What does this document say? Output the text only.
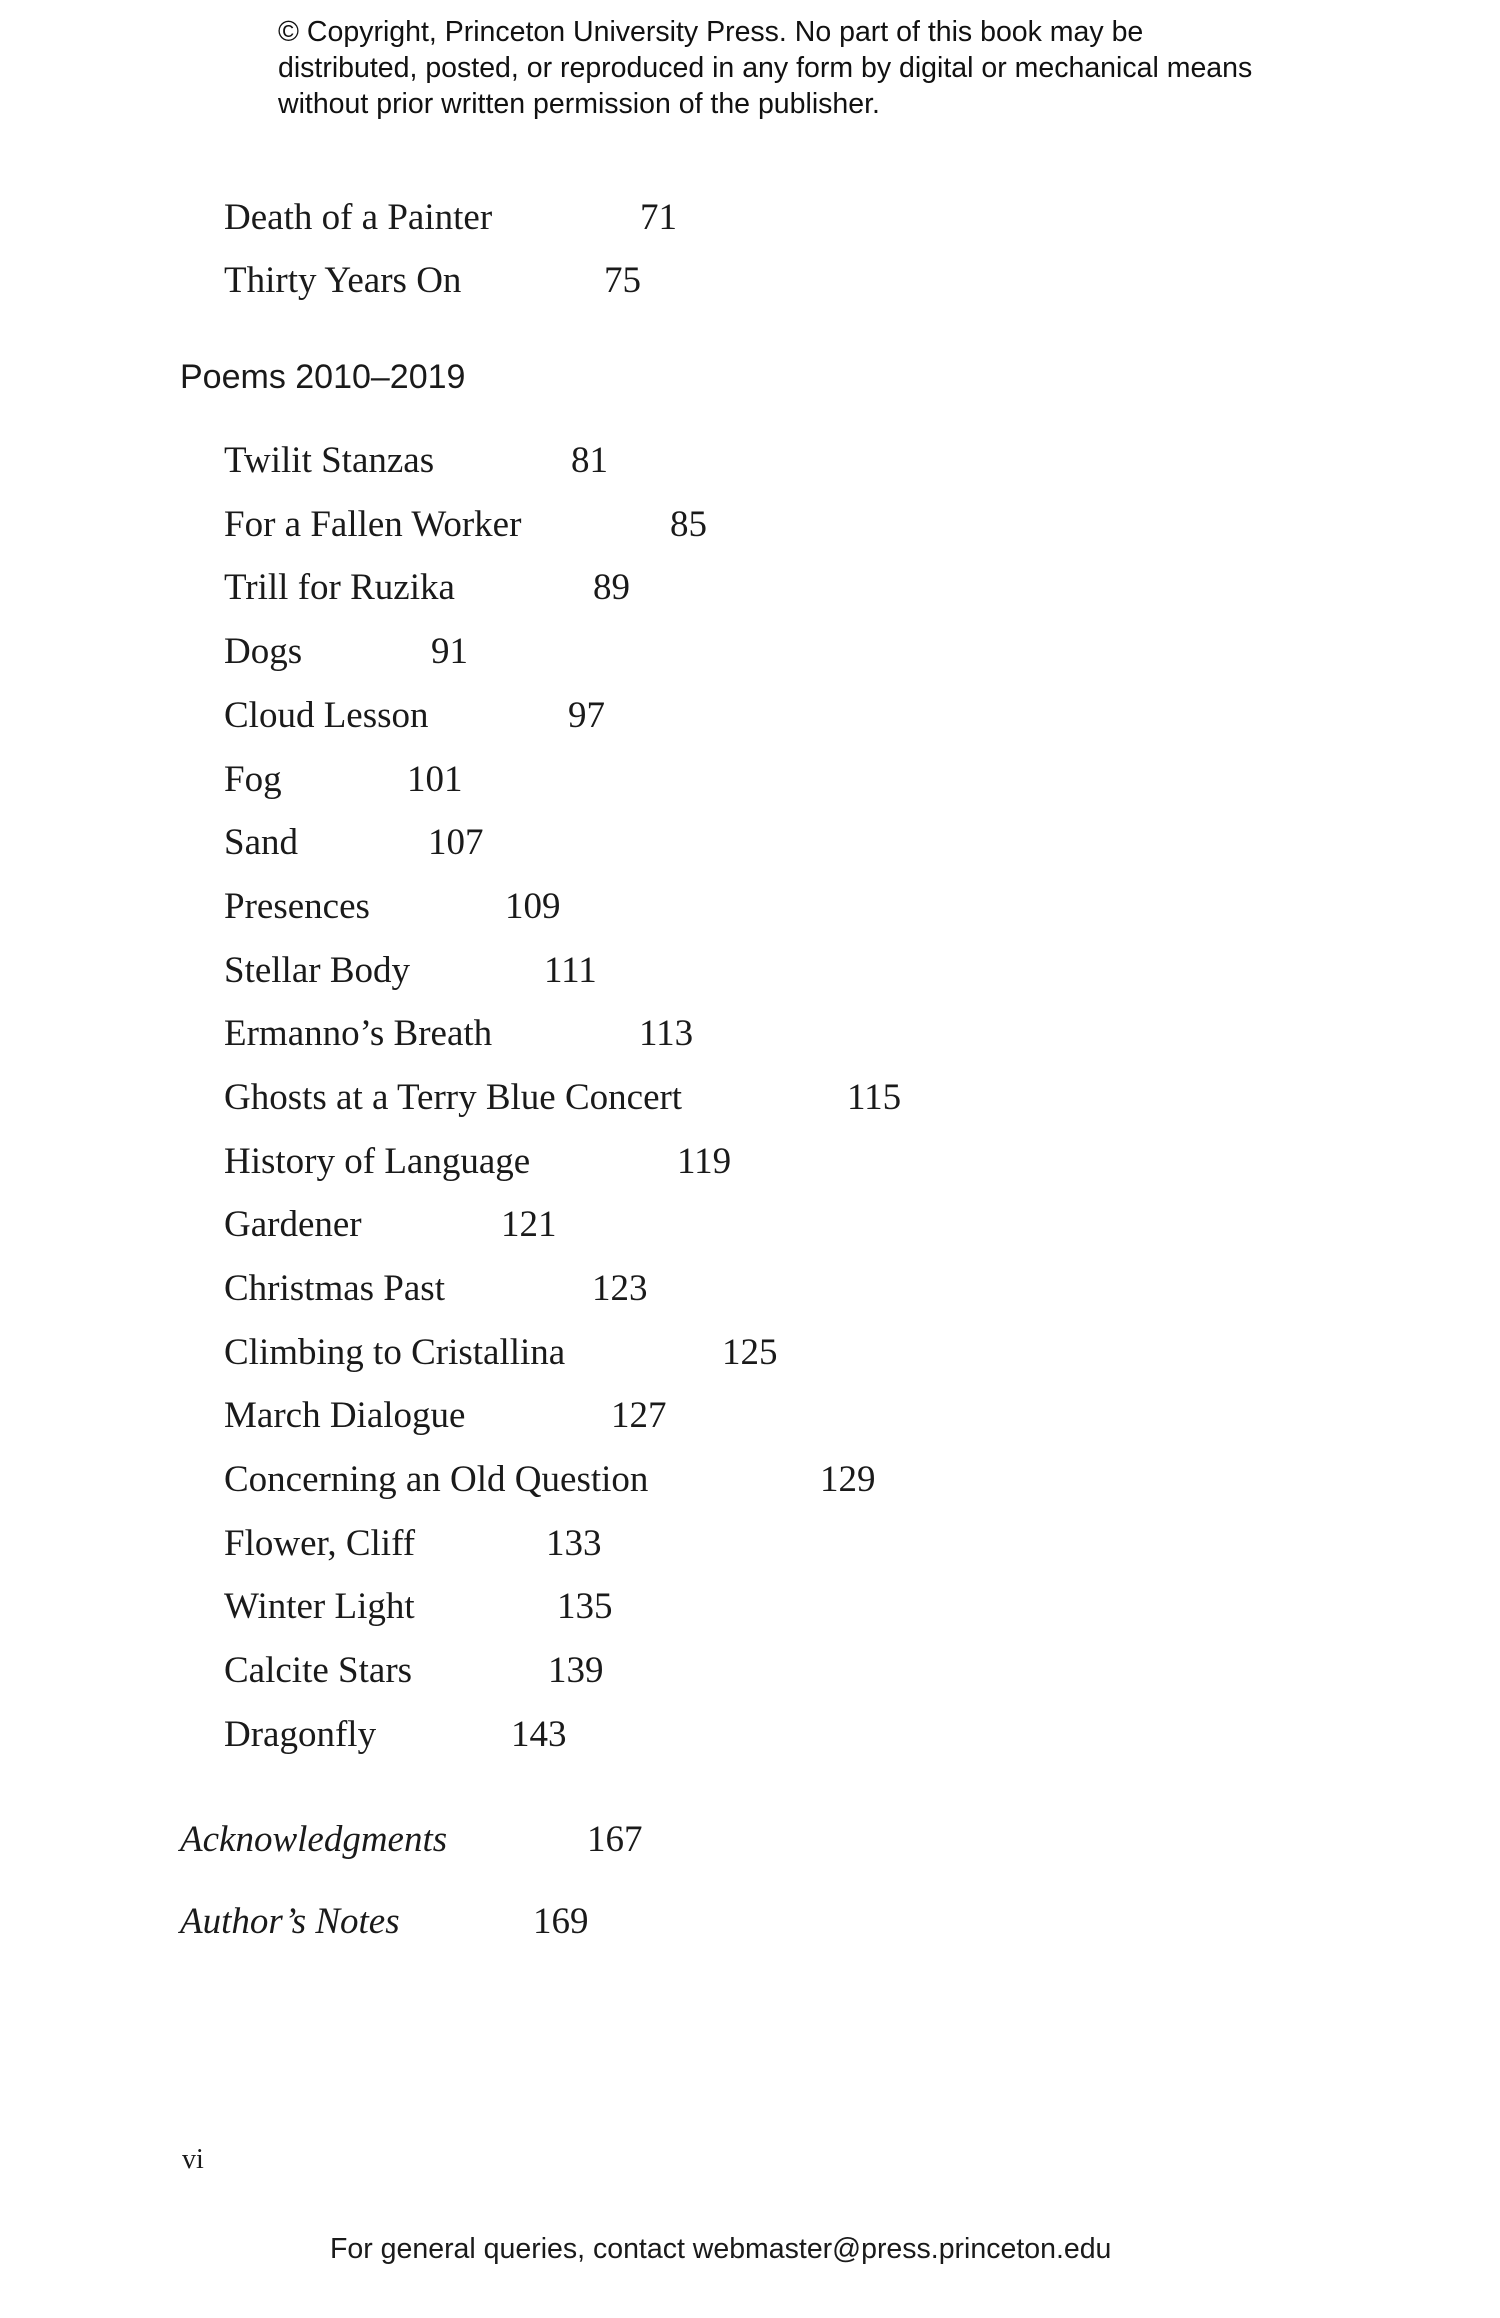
© Copyright, Princeton University Press. No part of this book may be distributed, posted, or reproduced in any form by digital or mechanical means without prior written permission of the publisher.
Death of a Painter	71
Thirty Years On	75
Poems 2010–2019
Twilit Stanzas	81
For a Fallen Worker	85
Trill for Ruzika	89
Dogs	91
Cloud Lesson	97
Fog	101
Sand	107
Presences	109
Stellar Body	111
Ermanno’s Breath	113
Ghosts at a Terry Blue Concert	115
History of Language	119
Gardener	121
Christmas Past	123
Climbing to Cristallina	125
March Dialogue	127
Concerning an Old Question	129
Flower, Cliff	133
Winter Light	135
Calcite Stars	139
Dragonfly	143
Acknowledgments	167
Author’s Notes	169
vi
For general queries, contact webmaster@press.princeton.edu
